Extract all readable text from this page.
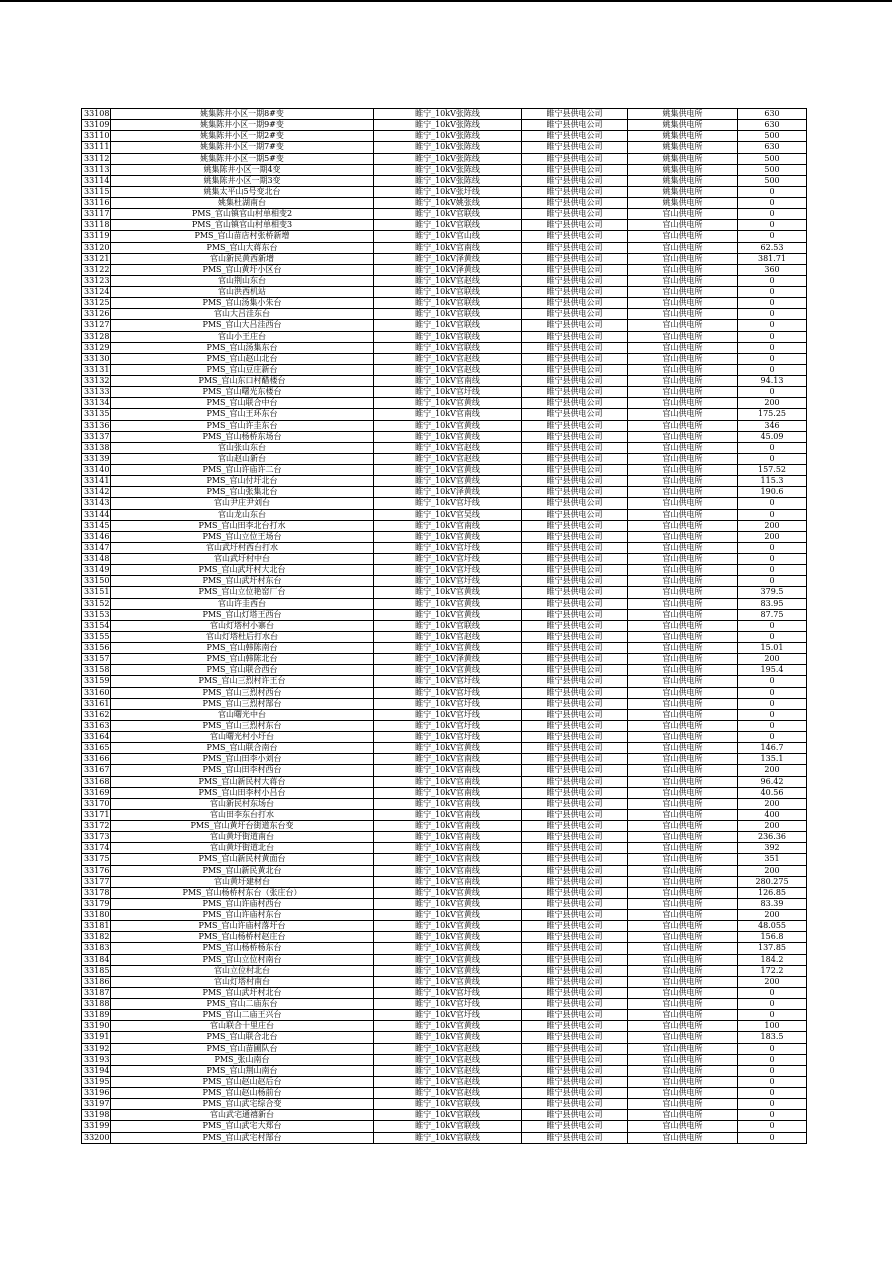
33108	姚集陈井小区一期8#变	睢宁_10kV张陈线	睢宁县供电公司	姚集供电所	630
33109	姚集陈井小区一期9#变	睢宁_10kV张陈线	睢宁县供电公司	姚集供电所	630
33110	姚集陈井小区一期2#变	睢宁_10kV张陈线	睢宁县供电公司	姚集供电所	500
33111	姚集陈井小区一期7#变	睢宁_10kV张陈线	睢宁县供电公司	姚集供电所	630
33112	姚集陈井小区一期5#变	睢宁_10kV张陈线	睢宁县供电公司	姚集供电所	500
33113	姚集陈井小区一期4变	睢宁_10kV张陈线	睢宁县供电公司	姚集供电所	500
33114	姚集陈井小区一期3变	睢宁_10kV张陈线	睢宁县供电公司	姚集供电所	500
33115	姚集太平山5号变北台	睢宁_10kV张圩线	睢宁县供电公司	姚集供电所	0
33116	姚集杜湖南台	睢宁_10kV姚张线	睢宁县供电公司	姚集供电所	0
33117	PMS_官山镇官山村单相变2	睢宁_10kV官联线	睢宁县供电公司	官山供电所	0
33118	PMS_官山镇官山村单相变3	睢宁_10kV官联线	睢宁县供电公司	官山供电所	0
33119	PMS_官山苗店村张桥新增	睢宁_10kV官山线	睢宁县供电公司	官山供电所	0
33120	PMS_官山大蒋东台	睢宁_10kV官南线	睢宁县供电公司	官山供电所	62.53
33121	官山新民黄西新增	睢宁_10kV泽黄线	睢宁县供电公司	官山供电所	381.71
33122	PMS_官山黄圩小区台	睢宁_10kV泽黄线	睢宁县供电公司	官山供电所	360
33123	官山荆山东台	睢宁_10kV官赵线	睢宁县供电公司	官山供电所	0
33124	官山洪西机站	睢宁_10kV官联线	睢宁县供电公司	官山供电所	0
33125	PMS_官山汤集小朱台	睢宁_10kV官联线	睢宁县供电公司	官山供电所	0
33126	官山大吕洼东台	睢宁_10kV官联线	睢宁县供电公司	官山供电所	0
33127	PMS_官山大吕洼西台	睢宁_10kV官联线	睢宁县供电公司	官山供电所	0
33128	官山小王庄台	睢宁_10kV官联线	睢宁县供电公司	官山供电所	0
33129	PMS_官山汤集东台	睢宁_10kV官联线	睢宁县供电公司	官山供电所	0
33130	PMS_官山赵山北台	睢宁_10kV官赵线	睢宁县供电公司	官山供电所	0
33131	PMS_官山豆庄新台	睢宁_10kV官赵线	睢宁县供电公司	官山供电所	0
33132	PMS_官山东口村醋楼台	睢宁_10kV官南线	睢宁县供电公司	官山供电所	94.13
33133	PMS_官山曙光东楼台	睢宁_10kV官圩线	睢宁县供电公司	官山供电所	0
33134	PMS_官山联合中台	睢宁_10kV官黄线	睢宁县供电公司	官山供电所	200
33135	PMS_官山王环东台	睢宁_10kV官南线	睢宁县供电公司	官山供电所	175.25
33136	PMS_官山许圭东台	睢宁_10kV官黄线	睢宁县供电公司	官山供电所	346
33137	PMS_官山杨桥东场台	睢宁_10kV官黄线	睢宁县供电公司	官山供电所	45.09
33138	官山张山东台	睢宁_10kV官赵线	睢宁县供电公司	官山供电所	0
33139	官山赵山新台	睢宁_10kV官赵线	睢宁县供电公司	官山供电所	0
33140	PMS_官山许庙许二台	睢宁_10kV官黄线	睢宁县供电公司	官山供电所	157.52
33141	PMS_官山付圩北台	睢宁_10kV官黄线	睢宁县供电公司	官山供电所	115.3
33142	PMS_官山张集北台	睢宁_10kV泽黄线	睢宁县供电公司	官山供电所	190.6
33143	官山尹庄尹刘台	睢宁_10kV官圩线	睢宁县供电公司	官山供电所	0
33144	官山龙山东台	睢宁_10kV官吴线	睢宁县供电公司	官山供电所	0
33145	PMS_官山田李北台打水	睢宁_10kV官南线	睢宁县供电公司	官山供电所	200
33146	PMS_官山立位王场台	睢宁_10kV官黄线	睢宁县供电公司	官山供电所	200
33147	官山武圩村西台打水	睢宁_10kV官圩线	睢宁县供电公司	官山供电所	0
33148	官山武圩村中台	睢宁_10kV官圩线	睢宁县供电公司	官山供电所	0
33149	PMS_官山武圩村大北台	睢宁_10kV官圩线	睢宁县供电公司	官山供电所	0
33150	PMS_官山武圩村东台	睢宁_10kV官圩线	睢宁县供电公司	官山供电所	0
33151	PMS_官山立位艳窑厂台	睢宁_10kV官黄线	睢宁县供电公司	官山供电所	379.5
33152	官山许圭西台	睢宁_10kV官黄线	睢宁县供电公司	官山供电所	83.95
33153	PMS_官山灯塔王西台	睢宁_10kV官黄线	睢宁县供电公司	官山供电所	87.75
33154	官山灯塔村小寨台	睢宁_10kV官联线	睢宁县供电公司	官山供电所	0
33155	官山灯塔杜后打水台	睢宁_10kV官赵线	睢宁县供电公司	官山供电所	0
33156	PMS_官山韩陈南台	睢宁_10kV官黄线	睢宁县供电公司	官山供电所	15.01
33157	PMS_官山韩陈北台	睢宁_10kV泽黄线	睢宁县供电公司	官山供电所	200
33158	PMS_官山联合西台	睢宁_10kV官黄线	睢宁县供电公司	官山供电所	195.4
33159	PMS_官山三烈村许王台	睢宁_10kV官圩线	睢宁县供电公司	官山供电所	0
33160	PMS_官山三烈村西台	睢宁_10kV官圩线	睢宁县供电公司	官山供电所	0
33161	PMS_官山三烈村郜台	睢宁_10kV官圩线	睢宁县供电公司	官山供电所	0
33162	官山曙光中台	睢宁_10kV官圩线	睢宁县供电公司	官山供电所	0
33163	PMS_官山三烈村东台	睢宁_10kV官圩线	睢宁县供电公司	官山供电所	0
33164	官山曙光村小圩台	睢宁_10kV官圩线	睢宁县供电公司	官山供电所	0
33165	PMS_官山联合南台	睢宁_10kV官黄线	睢宁县供电公司	官山供电所	146.7
33166	PMS_官山田李小刘台	睢宁_10kV官南线	睢宁县供电公司	官山供电所	135.1
33167	PMS_官山田李村西台	睢宁_10kV官南线	睢宁县供电公司	官山供电所	200
33168	PMS_官山新民村大蒋台	睢宁_10kV官南线	睢宁县供电公司	官山供电所	96.42
33169	PMS_官山田李村小吕台	睢宁_10kV官南线	睢宁县供电公司	官山供电所	40.56
33170	官山新民村东场台	睢宁_10kV官南线	睢宁县供电公司	官山供电所	200
33171	官山田李东台打水	睢宁_10kV官南线	睢宁县供电公司	官山供电所	400
33172	PMS_官山黄圩台街道东台变	睢宁_10kV官南线	睢宁县供电公司	官山供电所	200
33173	官山黄圩街道南台	睢宁_10kV官南线	睢宁县供电公司	官山供电所	236.36
33174	官山黄圩街道北台	睢宁_10kV官南线	睢宁县供电公司	官山供电所	392
33175	PMS_官山新民村黄面台	睢宁_10kV官南线	睢宁县供电公司	官山供电所	351
33176	PMS_官山新民黄北台	睢宁_10kV官南线	睢宁县供电公司	官山供电所	200
33177	官山黄圩建材台	睢宁_10kV官南线	睢宁县供电公司	官山供电所	280.275
33178	PMS_官山杨桥村东台（张庄台）	睢宁_10kV官黄线	睢宁县供电公司	官山供电所	126.85
33179	PMS_官山许庙村西台	睢宁_10kV官黄线	睢宁县供电公司	官山供电所	83.39
33180	PMS_官山许庙村东台	睢宁_10kV官黄线	睢宁县供电公司	官山供电所	200
33181	PMS_官山许庙村落圩台	睢宁_10kV官黄线	睢宁县供电公司	官山供电所	48.055
33182	PMS_官山杨桥村赵庄台	睢宁_10kV官黄线	睢宁县供电公司	官山供电所	156.8
33183	PMS_官山杨桥杨东台	睢宁_10kV官黄线	睢宁县供电公司	官山供电所	137.85
33184	PMS_官山立位村南台	睢宁_10kV官黄线	睢宁县供电公司	官山供电所	184.2
33185	官山立位村北台	睢宁_10kV官黄线	睢宁县供电公司	官山供电所	172.2
33186	官山灯塔村南台	睢宁_10kV官黄线	睢宁县供电公司	官山供电所	200
33187	PMS_官山武圩村北台	睢宁_10kV官圩线	睢宁县供电公司	官山供电所	0
33188	PMS_官山二庙东台	睢宁_10kV官圩线	睢宁县供电公司	官山供电所	0
33189	PMS_官山二庙王兴台	睢宁_10kV官圩线	睢宁县供电公司	官山供电所	0
33190	官山联合十里庄台	睢宁_10kV官黄线	睢宁县供电公司	官山供电所	100
33191	PMS_官山联合北台	睢宁_10kV官黄线	睢宁县供电公司	官山供电所	183.5
33192	PMS_官山苗圃队台	睢宁_10kV官赵线	睢宁县供电公司	官山供电所	0
33193	PMS_张山南台	睢宁_10kV官赵线	睢宁县供电公司	官山供电所	0
33194	PMS_官山荆山南台	睢宁_10kV官赵线	睢宁县供电公司	官山供电所	0
33195	PMS_官山赵山赵后台	睢宁_10kV官赵线	睢宁县供电公司	官山供电所	0
33196	PMS_官山赵山杨前台	睢宁_10kV官赵线	睢宁县供电公司	官山供电所	0
33197	PMS_官山武宅综合变	睢宁_10kV官联线	睢宁县供电公司	官山供电所	0
33198	官山武宅通禧新台	睢宁_10kV官联线	睢宁县供电公司	官山供电所	0
33199	PMS_官山武宅大郑台	睢宁_10kV官联线	睢宁县供电公司	官山供电所	0
33200	PMS_官山武宅村郜台	睢宁_10kV官联线	睢宁县供电公司	官山供电所	0
